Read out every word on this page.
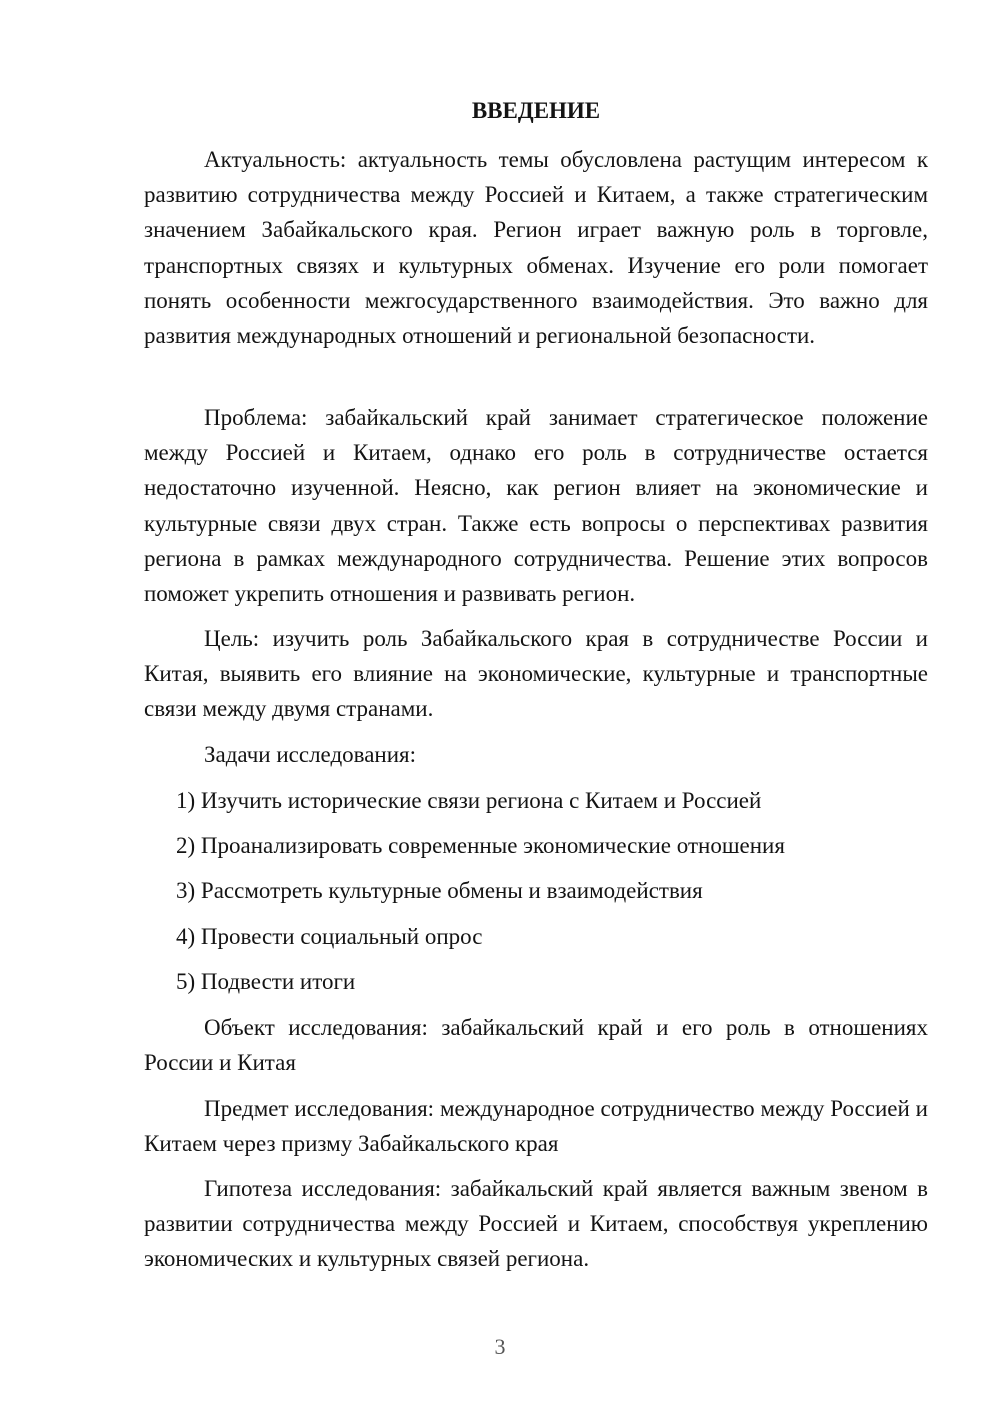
ВВЕДЕНИЕ

Актуальность: актуальность темы обусловлена растущим интересом к развитию сотрудничества между Россией и Китаем, а также стратегическим значением Забайкальского края. Регион играет важную роль в торговле, транспортных связях и культурных обменах. Изучение его роли помогает понять особенности межгосударственного взаимодействия. Это важно для развития международных отношений и региональной безопасности.

Проблема: забайкальский край занимает стратегическое положение между Россией и Китаем, однако его роль в сотрудничестве остается недостаточно изученной. Неясно, как регион влияет на экономические и культурные связи двух стран. Также есть вопросы о перспективах развития региона в рамках международного сотрудничества. Решение этих вопросов поможет укрепить отношения и развивать регион.

Цель: изучить роль Забайкальского края в сотрудничестве России и Китая, выявить его влияние на экономические, культурные и транспортные связи между двумя странами.

Задачи исследования:

1) Изучить исторические связи региона с Китаем и Россией

2) Проанализировать современные экономические отношения

3) Рассмотреть культурные обмены и взаимодействия

4) Провести социальный опрос

5) Подвести итоги

Объект исследования: забайкальский край и его роль в отношениях России и Китая

Предмет исследования: международное сотрудничество между Россией и Китаем через призму Забайкальского края

Гипотеза исследования: забайкальский край является важным звеном в развитии сотрудничества между Россией и Китаем, способствуя укреплению экономических и культурных связей региона.

3
